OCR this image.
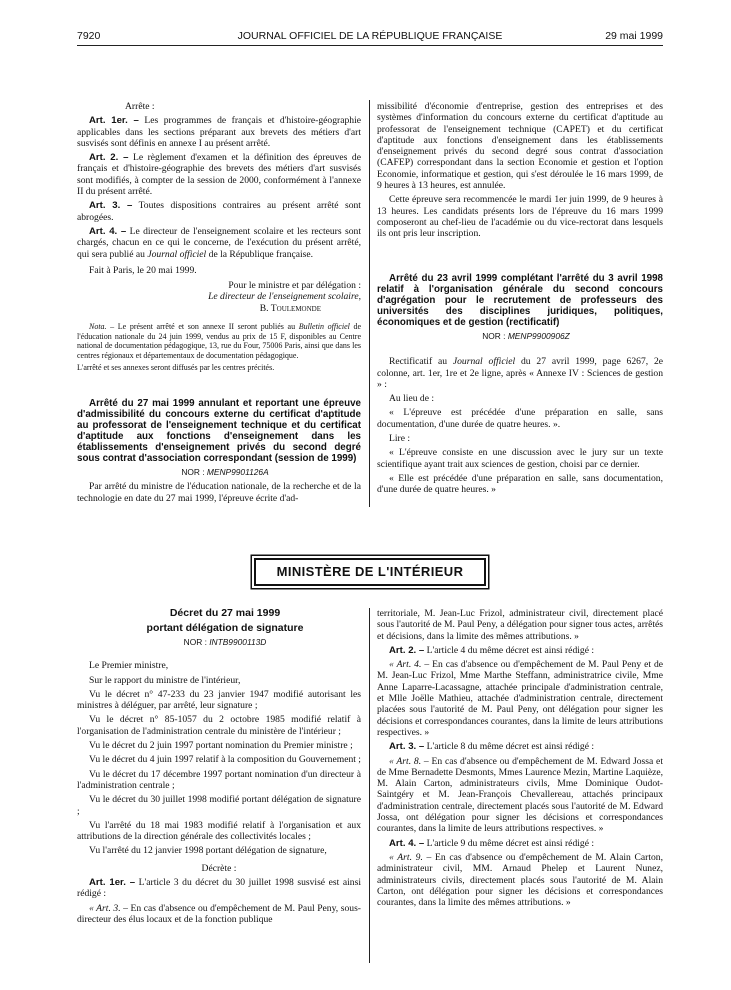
7920	JOURNAL OFFICIEL DE LA RÉPUBLIQUE FRANÇAISE	29 mai 1999

Arrête :

Art. 1er. – Les programmes de français et d'histoire-géographie applicables dans les sections préparant aux brevets des métiers d'art susvisés sont définis en annexe I au présent arrêté.

Art. 2. – Le règlement d'examen et la définition des épreuves de français et d'histoire-géographie des brevets des métiers d'art susvisés sont modifiés, à compter de la session de 2000, conformément à l'annexe II du présent arrêté.

Art. 3. – Toutes dispositions contraires au présent arrêté sont abrogées.

Art. 4. – Le directeur de l'enseignement scolaire et les recteurs sont chargés, chacun en ce qui le concerne, de l'exécution du présent arrêté, qui sera publié au Journal officiel de la République française.

Fait à Paris, le 20 mai 1999.

Pour le ministre et par délégation :

Le directeur de l'enseignement scolaire,

B. Toulemonde

Nota. – Le présent arrêté et son annexe II seront publiés au Bulletin officiel de l'éducation nationale du 24 juin 1999, vendus au prix de 15 F, disponibles au Centre national de documentation pédagogique, 13, rue du Four, 75006 Paris, ainsi que dans les centres régionaux et départementaux de documentation pédagogique.

L'arrêté et ses annexes seront diffusés par les centres précités.

Arrêté du 27 mai 1999 annulant et reportant une épreuve d'admissibilité du concours externe du certificat d'aptitude au professorat de l'enseignement technique et du certificat d'aptitude aux fonctions d'enseignement dans les établissements d'enseignement privés du second degré sous contrat d'association correspondant (session de 1999)

NOR : MENP9901126A

Par arrêté du ministre de l'éducation nationale, de la recherche et de la technologie en date du 27 mai 1999, l'épreuve écrite d'ad-

missibilité d'économie d'entreprise, gestion des entreprises et des systèmes d'information du concours externe du certificat d'aptitude au professorat de l'enseignement technique (CAPET) et du certificat d'aptitude aux fonctions d'enseignement dans les établissements d'enseignement privés du second degré sous contrat d'association (CAFEP) correspondant dans la section Economie et gestion et l'option Economie, informatique et gestion, qui s'est déroulée le 16 mars 1999, de 9 heures à 13 heures, est annulée.

Cette épreuve sera recommencée le mardi 1er juin 1999, de 9 heures à 13 heures. Les candidats présents lors de l'épreuve du 16 mars 1999 composeront au chef-lieu de l'académie ou du vice-rectorat dans lesquels ils ont pris leur inscription.

Arrêté du 23 avril 1999 complétant l'arrêté du 3 avril 1998 relatif à l'organisation générale du second concours d'agrégation pour le recrutement de professeurs des universités des disciplines juridiques, politiques, économiques et de gestion (rectificatif)

NOR : MENP9900906Z

Rectificatif au Journal officiel du 27 avril 1999, page 6267, 2e colonne, art. 1er, 1re et 2e ligne, après « Annexe IV : Sciences de gestion » :

Au lieu de :

« L'épreuve est précédée d'une préparation en salle, sans documentation, d'une durée de quatre heures. ».

Lire :

« L'épreuve consiste en une discussion avec le jury sur un texte scientifique ayant trait aux sciences de gestion, choisi par ce dernier.

« Elle est précédée d'une préparation en salle, sans documentation, d'une durée de quatre heures. »

MINISTÈRE DE L'INTÉRIEUR

Décret du 27 mai 1999

portant délégation de signature

NOR : INTB9900113D

Le Premier ministre,

Sur le rapport du ministre de l'intérieur,

Vu le décret n° 47-233 du 23 janvier 1947 modifié autorisant les ministres à déléguer, par arrêté, leur signature ;

Vu le décret n° 85-1057 du 2 octobre 1985 modifié relatif à l'organisation de l'administration centrale du ministère de l'intérieur ;

Vu le décret du 2 juin 1997 portant nomination du Premier ministre ;

Vu le décret du 4 juin 1997 relatif à la composition du Gouvernement ;

Vu le décret du 17 décembre 1997 portant nomination d'un directeur à l'administration centrale ;

Vu le décret du 30 juillet 1998 modifié portant délégation de signature ;

Vu l'arrêté du 18 mai 1983 modifié relatif à l'organisation et aux attributions de la direction générale des collectivités locales ;

Vu l'arrêté du 12 janvier 1998 portant délégation de signature,

Décrète :

Art. 1er. – L'article 3 du décret du 30 juillet 1998 susvisé est ainsi rédigé :

« Art. 3. – En cas d'absence ou d'empêchement de M. Paul Peny, sous-directeur des élus locaux et de la fonction publique

territoriale, M. Jean-Luc Frizol, administrateur civil, directement placé sous l'autorité de M. Paul Peny, a délégation pour signer tous actes, arrêtés et décisions, dans la limite des mêmes attributions. »

Art. 2. – L'article 4 du même décret est ainsi rédigé :

« Art. 4. – En cas d'absence ou d'empêchement de M. Paul Peny et de M. Jean-Luc Frizol, Mme Marthe Steffann, administratrice civile, Mme Anne Laparre-Lacassagne, attachée principale d'administration centrale, et Mlle Joëlle Mathieu, attachée d'administration centrale, directement placées sous l'autorité de M. Paul Peny, ont délégation pour signer les décisions et correspondances courantes, dans la limite de leurs attributions respectives. »

Art. 3. – L'article 8 du même décret est ainsi rédigé :

« Art. 8. – En cas d'absence ou d'empêchement de M. Edward Jossa et de Mme Bernadette Desmonts, Mmes Laurence Mezin, Martine Laquièze, M. Alain Carton, administrateurs civils, Mme Dominique Oudot-Saintgéry et M. Jean-François Chevallereau, attachés principaux d'administration centrale, directement placés sous l'autorité de M. Edward Jossa, ont délégation pour signer les décisions et correspondances courantes, dans la limite de leurs attributions respectives. »

Art. 4. – L'article 9 du même décret est ainsi rédigé :

« Art. 9. – En cas d'absence ou d'empêchement de M. Alain Carton, administrateur civil, MM. Arnaud Phelep et Laurent Nunez, administrateurs civils, directement placés sous l'autorité de M. Alain Carton, ont délégation pour signer les décisions et correspondances courantes, dans la limite des mêmes attributions. »
